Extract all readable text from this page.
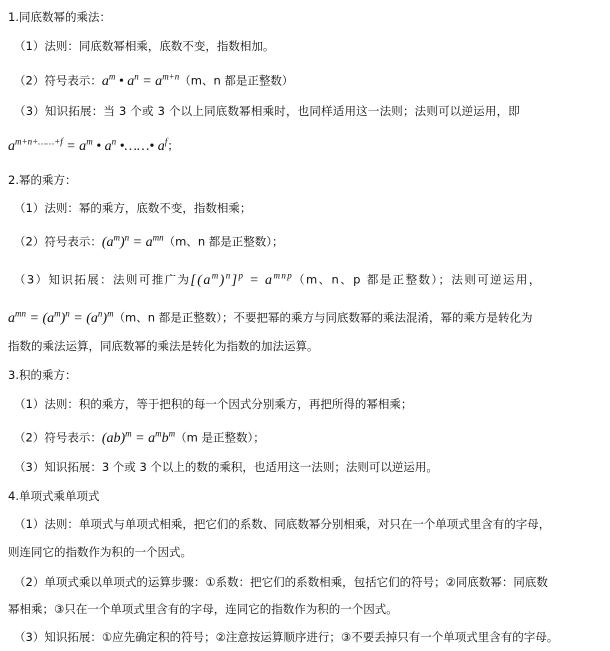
1.同底数幂的乘法：
（1）法则：同底数幂相乘，底数不变，指数相加。
（2）符号表示：$a^m$ • $a^n = a^{m+n}(m$、n 都是正整数）
（3）知识拓展：当 3 个或 3 个以上同底数幂相乘时，也同样适用这一法则；法则可以逆运用，即
$a^{m+n+\dots\dots+f} = a^m$ • $a^n$ •……• $a^f$；
2.幂的乘方：
（1）法则：幂的乘方，底数不变，指数相乘；
（2）符号表示：$(a^m)^n = a^{mn}(m$、n 都是正整数）；
（3）知识拓展：法则可推广为$[(a^m)^n]^p = a^{mnp}(m$、n、p 都是正整数）；法则可逆运用，
$a^{mn} = (a^m)^n = (a^n)^m(m$、n 都是正整数）；不要把幂的乘方与同底数幂的乘法混淆，幂的乘方是转化为
指数的乘法运算，同底数幂的乘法是转化为指数的加法运算。
3.积的乘方：
（1）法则：积的乘方，等于把积的每一个因式分别乘方，再把所得的幂相乘；
（2）符号表示：$(ab)^m = a^mb^m(m$ 是正整数）；
（3）知识拓展：3 个或 3 个以上的数的乘积，也适用这一法则；法则可以逆运用。
4.单项式乘单项式
（1）法则：单项式与单项式相乘，把它们的系数、同底数幂分别相乘，对只在一个单项式里含有的字母，
则连同它的指数作为积的一个因式。
（2）单项式乘以单项式的运算步骤：①系数：把它们的系数相乘，包括它们的符号；②同底数幂：同底数
幂相乘；③只在一个单项式里含有的字母，连同它的指数作为积的一个因式。
（3）知识拓展：①应先确定积的符号；②注意按运算顺序进行；③不要丢掉只有一个单项式里含有的字母。
